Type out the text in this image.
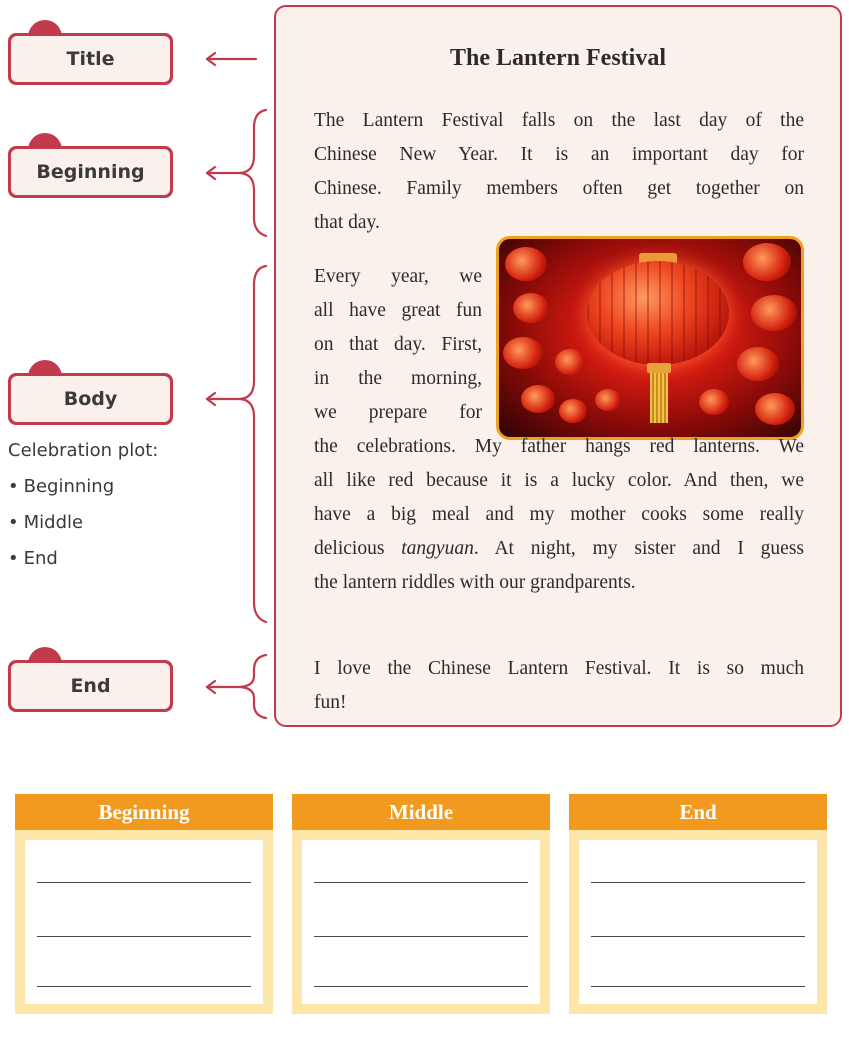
Title
Beginning
Body
End
Celebration plot:
• Beginning
• Middle
• End
The Lantern Festival
The Lantern Festival falls on the last day of the
Chinese New Year. It is an important day for
Chinese. Family members often get together on
that day.
Every year, we
all have great fun
on that day. First,
in the morning,
we prepare for
the celebrations. My father hangs red lanterns. We
all like red because it is a lucky color. And then, we
have a big meal and my mother cooks some really
delicious tangyuan. At night, my sister and I guess
the lantern riddles with our grandparents.
I love the Chinese Lantern Festival. It is so much
fun!
Beginning	Middle	End
